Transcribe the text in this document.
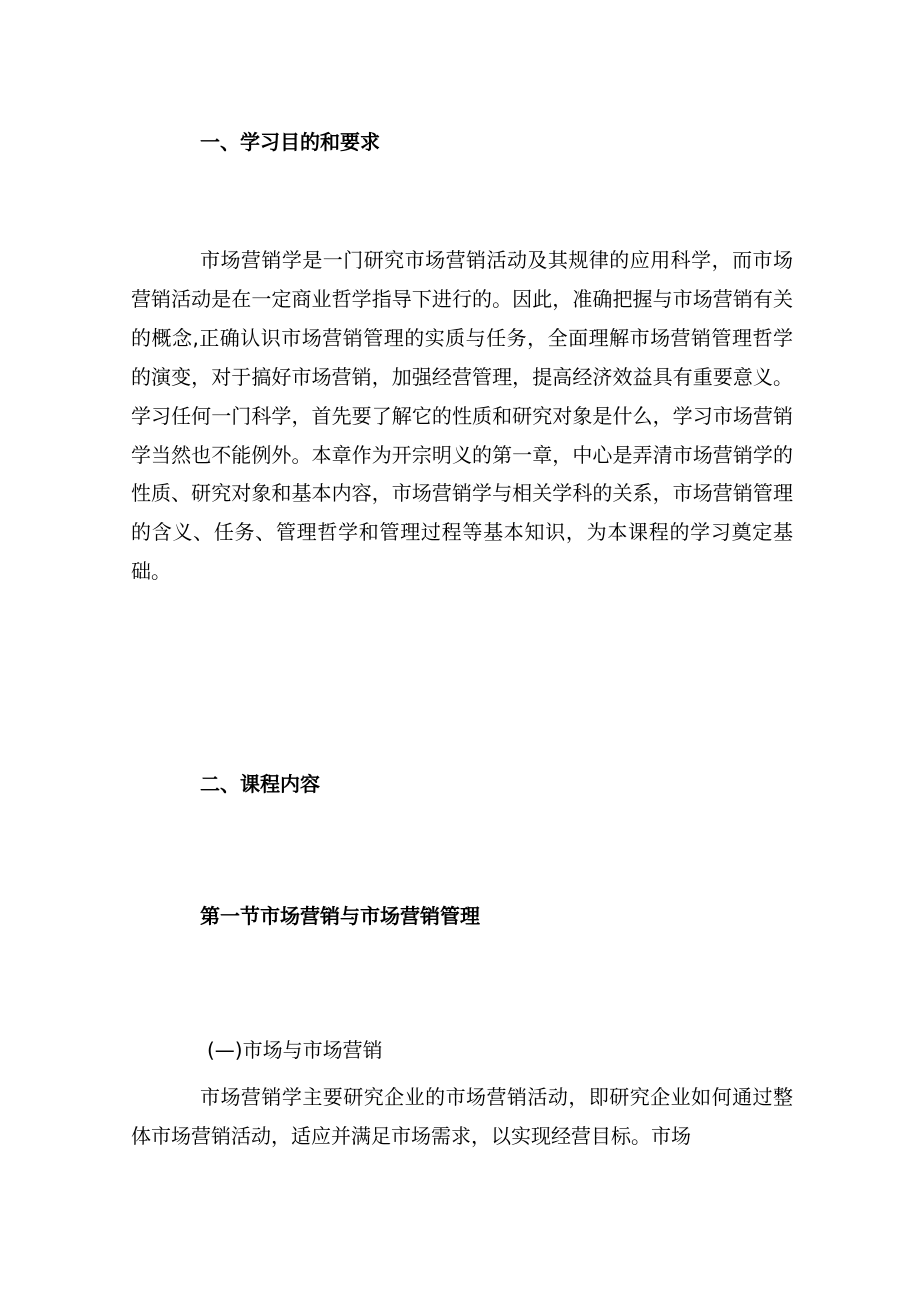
一、学习目的和要求

市场营销学是一门研究市场营销活动及其规律的应用科学，而市场营销活动是在一定商业哲学指导下进行的。因此，准确把握与市场营销有关的概念,正确认识市场营销管理的实质与任务，全面理解市场营销管理哲学的演变，对于搞好市场营销，加强经营管理，提高经济效益具有重要意义。学习任何一门科学，首先要了解它的性质和研究对象是什么，学习市场营销学当然也不能例外。本章作为开宗明义的第一章，中心是弄清市场营销学的性质、研究对象和基本内容，市场营销学与相关学科的关系，市场营销管理的含义、任务、管理哲学和管理过程等基本知识，为本课程的学习奠定基础。

二、课程内容
第一节市场营销与市场营销管理
(—)市场与市场营销

市场营销学主要研究企业的市场营销活动，即研究企业如何通过整体市场营销活动，适应并满足市场需求，以实现经营目标。市场
